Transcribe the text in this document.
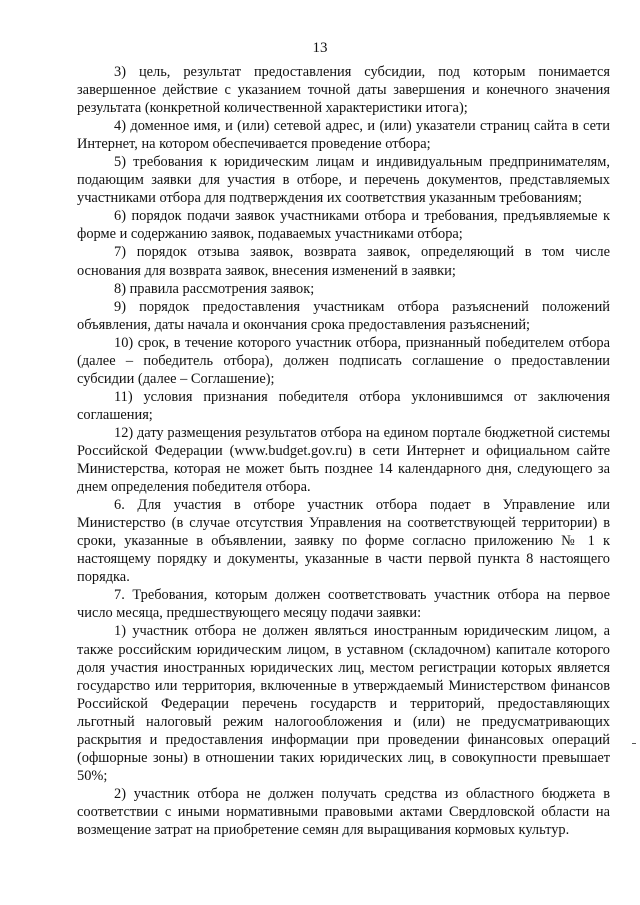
13

3) цель, результат предоставления субсидии, под которым понимается завершенное действие с указанием точной даты завершения и конечного значения результата (конкретной количественной характеристики итога);

4) доменное имя, и (или) сетевой адрес, и (или) указатели страниц сайта в сети Интернет, на котором обеспечивается проведение отбора;

5) требования к юридическим лицам и индивидуальным предпринимателям, подающим заявки для участия в отборе, и перечень документов, представляемых участниками отбора для подтверждения их соответствия указанным требованиям;

6) порядок подачи заявок участниками отбора и требования, предъявляемые к форме и содержанию заявок, подаваемых участниками отбора;

7) порядок отзыва заявок, возврата заявок, определяющий в том числе основания для возврата заявок, внесения изменений в заявки;

8) правила рассмотрения заявок;

9) порядок предоставления участникам отбора разъяснений положений объявления, даты начала и окончания срока предоставления разъяснений;

10) срок, в течение которого участник отбора, признанный победителем отбора (далее – победитель отбора), должен подписать соглашение о предоставлении субсидии (далее – Соглашение);

11) условия признания победителя отбора уклонившимся от заключения соглашения;

12) дату размещения результатов отбора на едином портале бюджетной системы Российской Федерации (www.budget.gov.ru) в сети Интернет и официальном сайте Министерства, которая не может быть позднее 14 календарного дня, следующего за днем определения победителя отбора.

6. Для участия в отборе участник отбора подает в Управление или Министерство (в случае отсутствия Управления на соответствующей территории) в сроки, указанные в объявлении, заявку по форме согласно приложению № 1 к настоящему порядку и документы, указанные в части первой пункта 8 настоящего порядка.

7. Требования, которым должен соответствовать участник отбора на первое число месяца, предшествующего месяцу подачи заявки:

1) участник отбора не должен являться иностранным юридическим лицом, а также российским юридическим лицом, в уставном (складочном) капитале которого доля участия иностранных юридических лиц, местом регистрации которых является государство или территория, включенные в утверждаемый Министерством финансов Российской Федерации перечень государств и территорий, предоставляющих льготный налоговый режим налогообложения и (или) не предусматривающих раскрытия и предоставления информации при проведении финансовых операций (офшорные зоны) в отношении таких юридических лиц, в совокупности превышает 50%;

2) участник отбора не должен получать средства из областного бюджета в соответствии с иными нормативными правовыми актами Свердловской области на возмещение затрат на приобретение семян для выращивания кормовых культур.
